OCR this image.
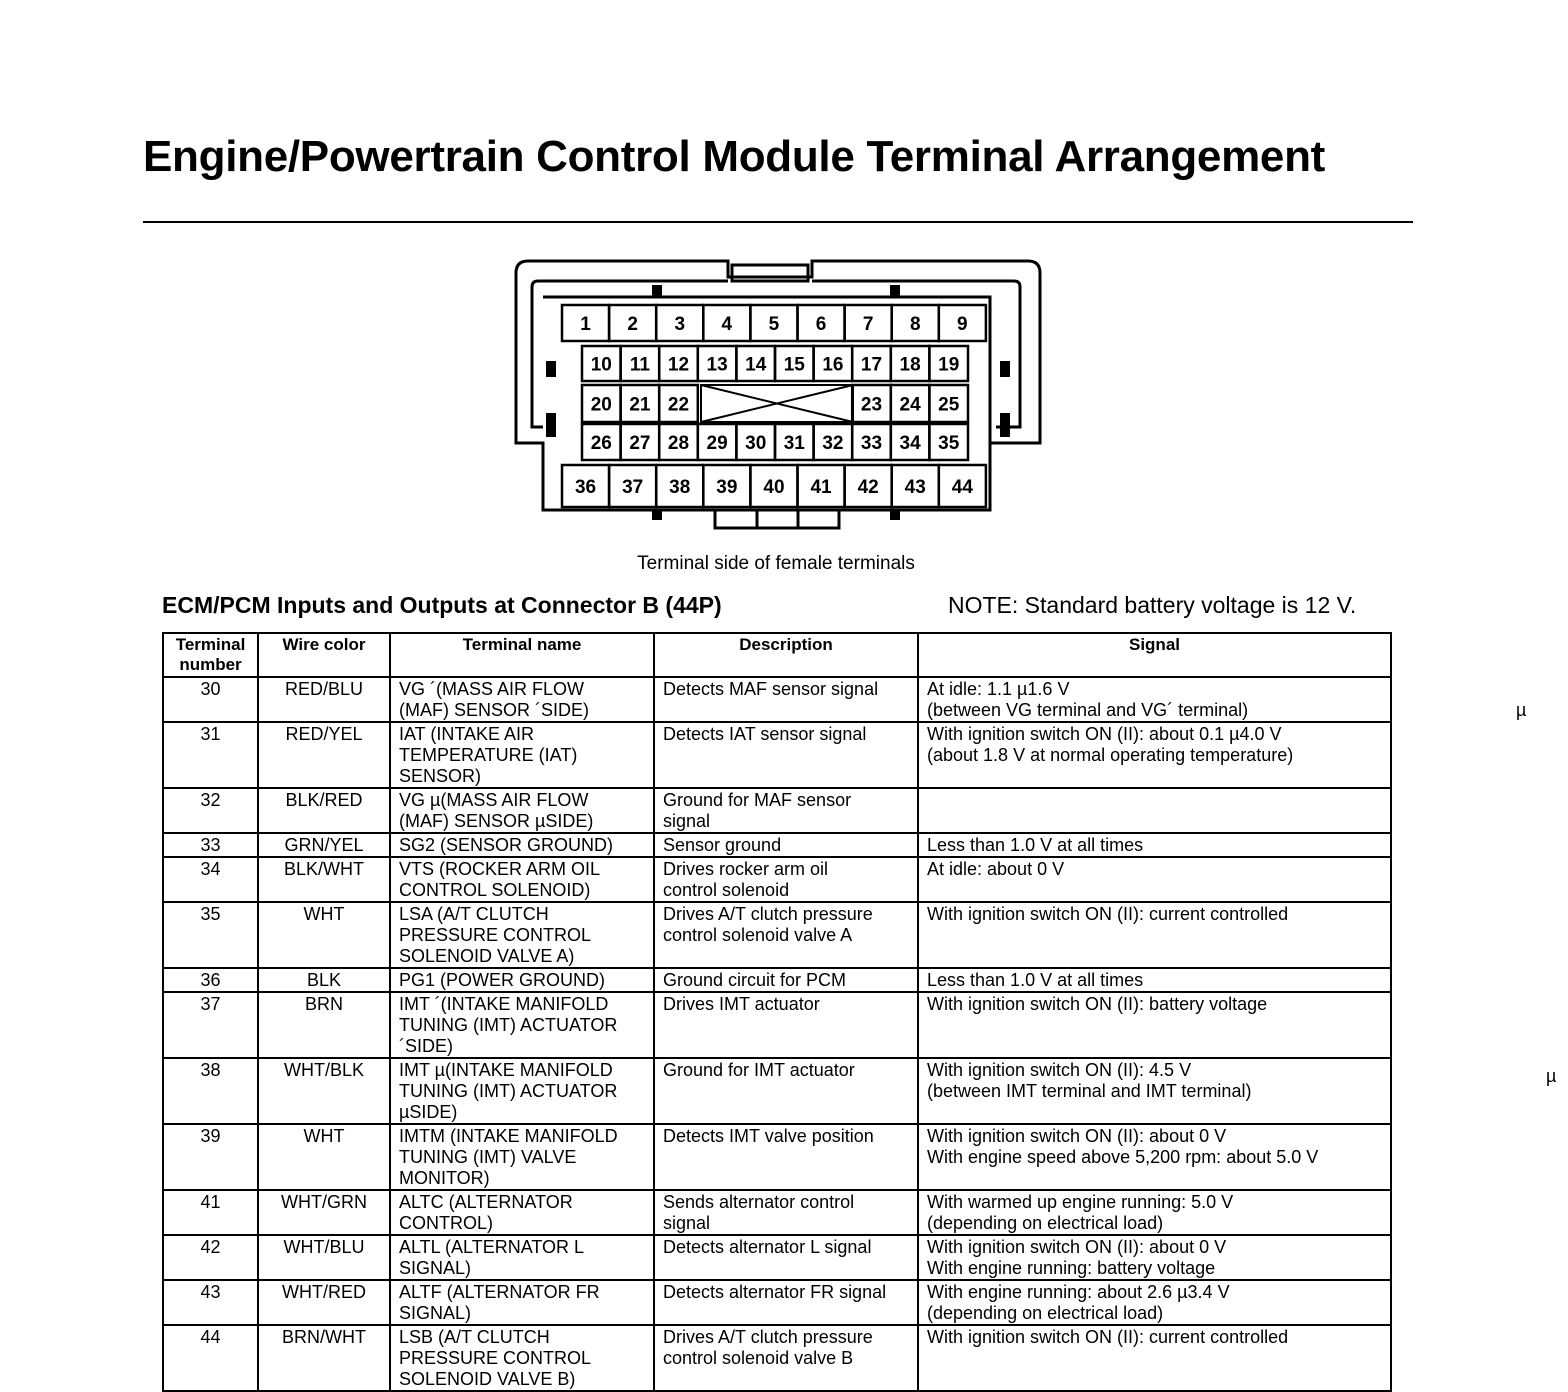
Engine/Powertrain Control Module Terminal Arrangement
1 2 3 4 5 6 7 8 9
10 11 12 13 14 15 16 17 18 19
20 21 22	23 24 25
26 27 28 29 30 31 32 33 34 35
36 37 38 39 40 41 42 43 44
Terminal side of female terminals
ECM/PCM Inputs and Outputs at Connector B (44P)	NOTE: Standard battery voltage is 12 V.
Terminal
number	Wire color	Terminal name	Description	Signal
30	RED/BLU	VG ´(MASS AIR FLOW
(MAF) SENSOR ´SIDE)	Detects MAF sensor signal	At idle: 1.1 µ1.6 V
(between VG terminal and VG´ terminal)
31	RED/YEL	IAT (INTAKE AIR
TEMPERATURE (IAT)
SENSOR)	Detects IAT sensor signal	With ignition switch ON (II): about 0.1 µ4.0 V
(about 1.8 V at normal operating temperature)
32	BLK/RED	VG µ(MASS AIR FLOW
(MAF) SENSOR µSIDE)	Ground for MAF sensor
signal	
33	GRN/YEL	SG2 (SENSOR GROUND)	Sensor ground	Less than 1.0 V at all times
34	BLK/WHT	VTS (ROCKER ARM OIL
CONTROL SOLENOID)	Drives rocker arm oil
control solenoid	At idle: about 0 V
35	WHT	LSA (A/T CLUTCH
PRESSURE CONTROL
SOLENOID VALVE A)	Drives A/T clutch pressure
control solenoid valve A	With ignition switch ON (II): current controlled
36	BLK	PG1 (POWER GROUND)	Ground circuit for PCM	Less than 1.0 V at all times
37	BRN	IMT ´(INTAKE MANIFOLD
TUNING (IMT) ACTUATOR
´SIDE)	Drives IMT actuator	With ignition switch ON (II): battery voltage
38	WHT/BLK	IMT µ(INTAKE MANIFOLD
TUNING (IMT) ACTUATOR
µSIDE)	Ground for IMT actuator	With ignition switch ON (II): 4.5 V
(between IMT terminal and IMT terminal)
39	WHT	IMTM (INTAKE MANIFOLD
TUNING (IMT) VALVE
MONITOR)	Detects IMT valve position	With ignition switch ON (II): about 0 V
With engine speed above 5,200 rpm: about 5.0 V
41	WHT/GRN	ALTC (ALTERNATOR
CONTROL)	Sends alternator control
signal	With warmed up engine running: 5.0 V
(depending on electrical load)
42	WHT/BLU	ALTL (ALTERNATOR L
SIGNAL)	Detects alternator L signal	With ignition switch ON (II): about 0 V
With engine running: battery voltage
43	WHT/RED	ALTF (ALTERNATOR FR
SIGNAL)	Detects alternator FR signal	With engine running: about 2.6 µ3.4 V
(depending on electrical load)
44	BRN/WHT	LSB (A/T CLUTCH
PRESSURE CONTROL
SOLENOID VALVE B)	Drives A/T clutch pressure
control solenoid valve B	With ignition switch ON (II): current controlled
µ
µ
